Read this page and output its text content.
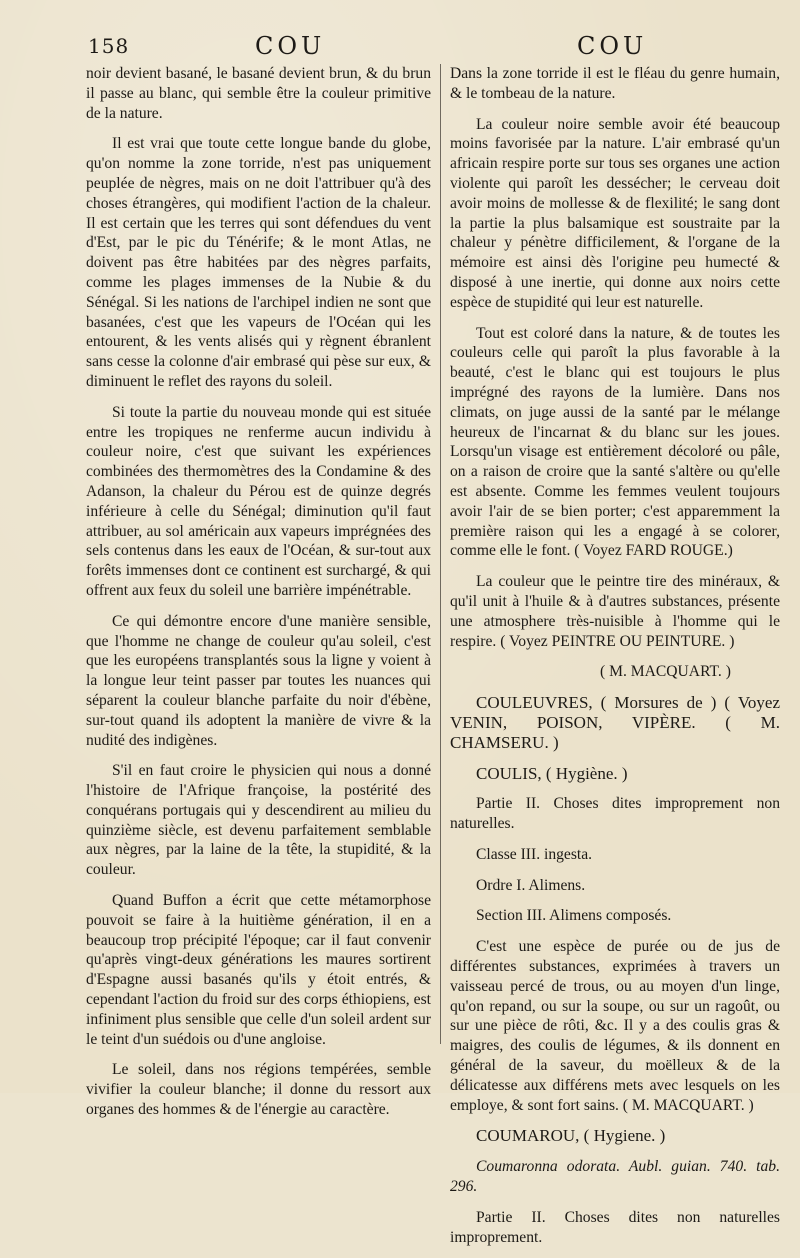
158	COU	COU

noir devient basané, le basané devient brun, & du brun il passe au blanc, qui semble être la couleur primitive de la nature.

Il est vrai que toute cette longue bande du globe, qu'on nomme la zone torride, n'est pas uniquement peuplée de nègres, mais on ne doit l'attribuer qu'à des choses étrangères, qui modifient l'action de la chaleur. Il est certain que les terres qui sont défendues du vent d'Est, par le pic du Ténérife; & le mont Atlas, ne doivent pas être habitées par des nègres parfaits, comme les plages immenses de la Nubie & du Sénégal. Si les nations de l'archipel indien ne sont que basanées, c'est que les vapeurs de l'Océan qui les entourent, & les vents alisés qui y règnent ébranlent sans cesse la colonne d'air embrasé qui pèse sur eux, & diminuent le reflet des rayons du soleil.

Si toute la partie du nouveau monde qui est située entre les tropiques ne renferme aucun individu à couleur noire, c'est que suivant les expériences combinées des thermomètres des la Condamine & des Adanson, la chaleur du Pérou est de quinze degrés inférieure à celle du Sénégal; diminution qu'il faut attribuer, au sol américain aux vapeurs imprégnées des sels contenus dans les eaux de l'Océan, & sur-tout aux forêts immenses dont ce continent est surchargé, & qui offrent aux feux du soleil une barrière impénétrable.

Ce qui démontre encore d'une manière sensible, que l'homme ne change de couleur qu'au soleil, c'est que les européens transplantés sous la ligne y voient à la longue leur teint passer par toutes les nuances qui séparent la couleur blanche parfaite du noir d'ébène, sur-tout quand ils adoptent la manière de vivre & la nudité des indigènes.

S'il en faut croire le physicien qui nous a donné l'histoire de l'Afrique françoise, la postérité des conquérans portugais qui y descendirent au milieu du quinzième siècle, est devenu parfaitement semblable aux nègres, par la laine de la tête, la stupidité, & la couleur.

Quand Buffon a écrit que cette métamorphose pouvoit se faire à la huitième génération, il en a beaucoup trop précipité l'époque; car il faut convenir qu'après vingt-deux générations les maures sortirent d'Espagne aussi basanés qu'ils y étoit entrés, & cependant l'action du froid sur des corps éthiopiens, est infiniment plus sensible que celle d'un soleil ardent sur le teint d'un suédois ou d'une angloise.

Le soleil, dans nos régions tempérées, semble vivifier la couleur blanche; il donne du ressort aux organes des hommes & de l'énergie au caractère.

Dans la zone torride il est le fléau du genre humain, & le tombeau de la nature.

La couleur noire semble avoir été beaucoup moins favorisée par la nature. L'air embrasé qu'un africain respire porte sur tous ses organes une action violente qui paroît les dessécher; le cerveau doit avoir moins de mollesse & de flexilité; le sang dont la partie la plus balsamique est soustraite par la chaleur y pénètre difficilement, & l'organe de la mémoire est ainsi dès l'origine peu humecté & disposé à une inertie, qui donne aux noirs cette espèce de stupidité qui leur est naturelle.

Tout est coloré dans la nature, & de toutes les couleurs celle qui paroît la plus favorable à la beauté, c'est le blanc qui est toujours le plus imprégné des rayons de la lumière. Dans nos climats, on juge aussi de la santé par le mélange heureux de l'incarnat & du blanc sur les joues. Lorsqu'un visage est entièrement décoloré ou pâle, on a raison de croire que la santé s'altère ou qu'elle est absente. Comme les femmes veulent toujours avoir l'air de se bien porter; c'est apparemment la première raison qui les a engagé à se colorer, comme elle le font. ( Voyez FARD ROUGE.)

La couleur que le peintre tire des minéraux, & qu'il unit à l'huile & à d'autres substances, présente une atmosphere très-nuisible à l'homme qui le respire. ( Voyez PEINTRE OU PEINTURE. )

( M. MACQUART. )

COULEUVRES, ( Morsures de ) ( Voyez VENIN, POISON, VIPÈRE. ( M. CHAMSERU. )

COULIS, ( Hygiène. )

Partie II. Choses dites improprement non naturelles.

Classe III. ingesta.

Ordre I. Alimens.

Section III. Alimens composés.

C'est une espèce de purée ou de jus de différentes substances, exprimées à travers un vaisseau percé de trous, ou au moyen d'un linge, qu'on repand, ou sur la soupe, ou sur un ragoût, ou sur une pièce de rôti, &c. Il y a des coulis gras & maigres, des coulis de légumes, & ils donnent en général de la saveur, du moëlleux & de la délicatesse aux différens mets avec lesquels on les employe, & sont fort sains. ( M. MACQUART. )

COUMAROU, ( Hygiene. )

Coumaronna odorata. Aubl. guian. 740. tab. 296.

Partie II. Choses dites non naturelles improprement.
